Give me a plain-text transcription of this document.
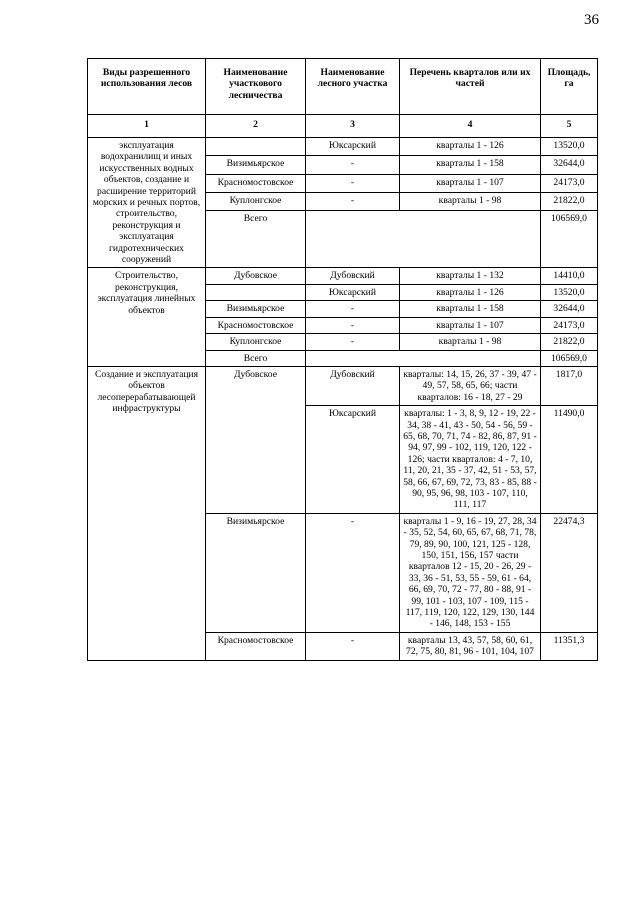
36
Виды разрешенного использования лесов	Наименование участкового лесничества	Наименование лесного участка	Перечень кварталов или их частей	Площадь, га
1	2	3	4	5
эксплуатация водохранилищ и иных искусственных водных объектов, создание и расширение территорий морских и речных портов, строительство, реконструкция и эксплуатация гидротехнических сооружений		Юксарский	кварталы 1 - 126	13520,0
	Визимьярское	-	кварталы 1 - 158	32644,0
	Красномостовское	-	кварталы 1 - 107	24173,0
	Куплонгское	-	кварталы 1 - 98	21822,0
	Всего			106569,0
Строительство, реконструкция, эксплуатация линейных объектов	Дубовское	Дубовский	кварталы 1 - 132	14410,0
		Юксарский	кварталы 1 - 126	13520,0
	Визимьярское	-	кварталы 1 - 158	32644,0
	Красномостовское	-	кварталы 1 - 107	24173,0
	Куплонгское	-	кварталы 1 - 98	21822,0
	Всего			106569,0
Создание и эксплуатация объектов лесоперерабатывающей инфраструктуры	Дубовское	Дубовский	кварталы: 14, 15, 26, 37 - 39, 47 - 49, 57, 58, 65, 66; части кварталов: 16 - 18, 27 - 29	1817,0
		Юксарский	кварталы: 1 - 3, 8, 9, 12 - 19, 22 - 34, 38 - 41, 43 - 50, 54 - 56, 59 - 65, 68, 70, 71, 74 - 82, 86, 87, 91 - 94, 97, 99 - 102, 119, 120, 122 - 126; части кварталов: 4 - 7, 10, 11, 20, 21, 35 - 37, 42, 51 - 53, 57, 58, 66, 67, 69, 72, 73, 83 - 85, 88 - 90, 95, 96, 98, 103 - 107, 110, 111, 117	11490,0
	Визимьярское	-	кварталы 1 - 9, 16 - 19, 27, 28, 34 - 35, 52, 54, 60, 65, 67, 68, 71, 78, 79, 89, 90, 100, 121, 125 - 128, 150, 151, 156, 157 части кварталов 12 - 15, 20 - 26, 29 - 33, 36 - 51, 53, 55 - 59, 61 - 64, 66, 69, 70, 72 - 77, 80 - 88, 91 - 99, 101 - 103, 107 - 109, 115 - 117, 119, 120, 122, 129, 130, 144 - 146, 148, 153 - 155	22474,3
	Красномостовское	-	кварталы 13, 43, 57, 58, 60, 61, 72, 75, 80, 81, 96 - 101, 104, 107	11351,3
